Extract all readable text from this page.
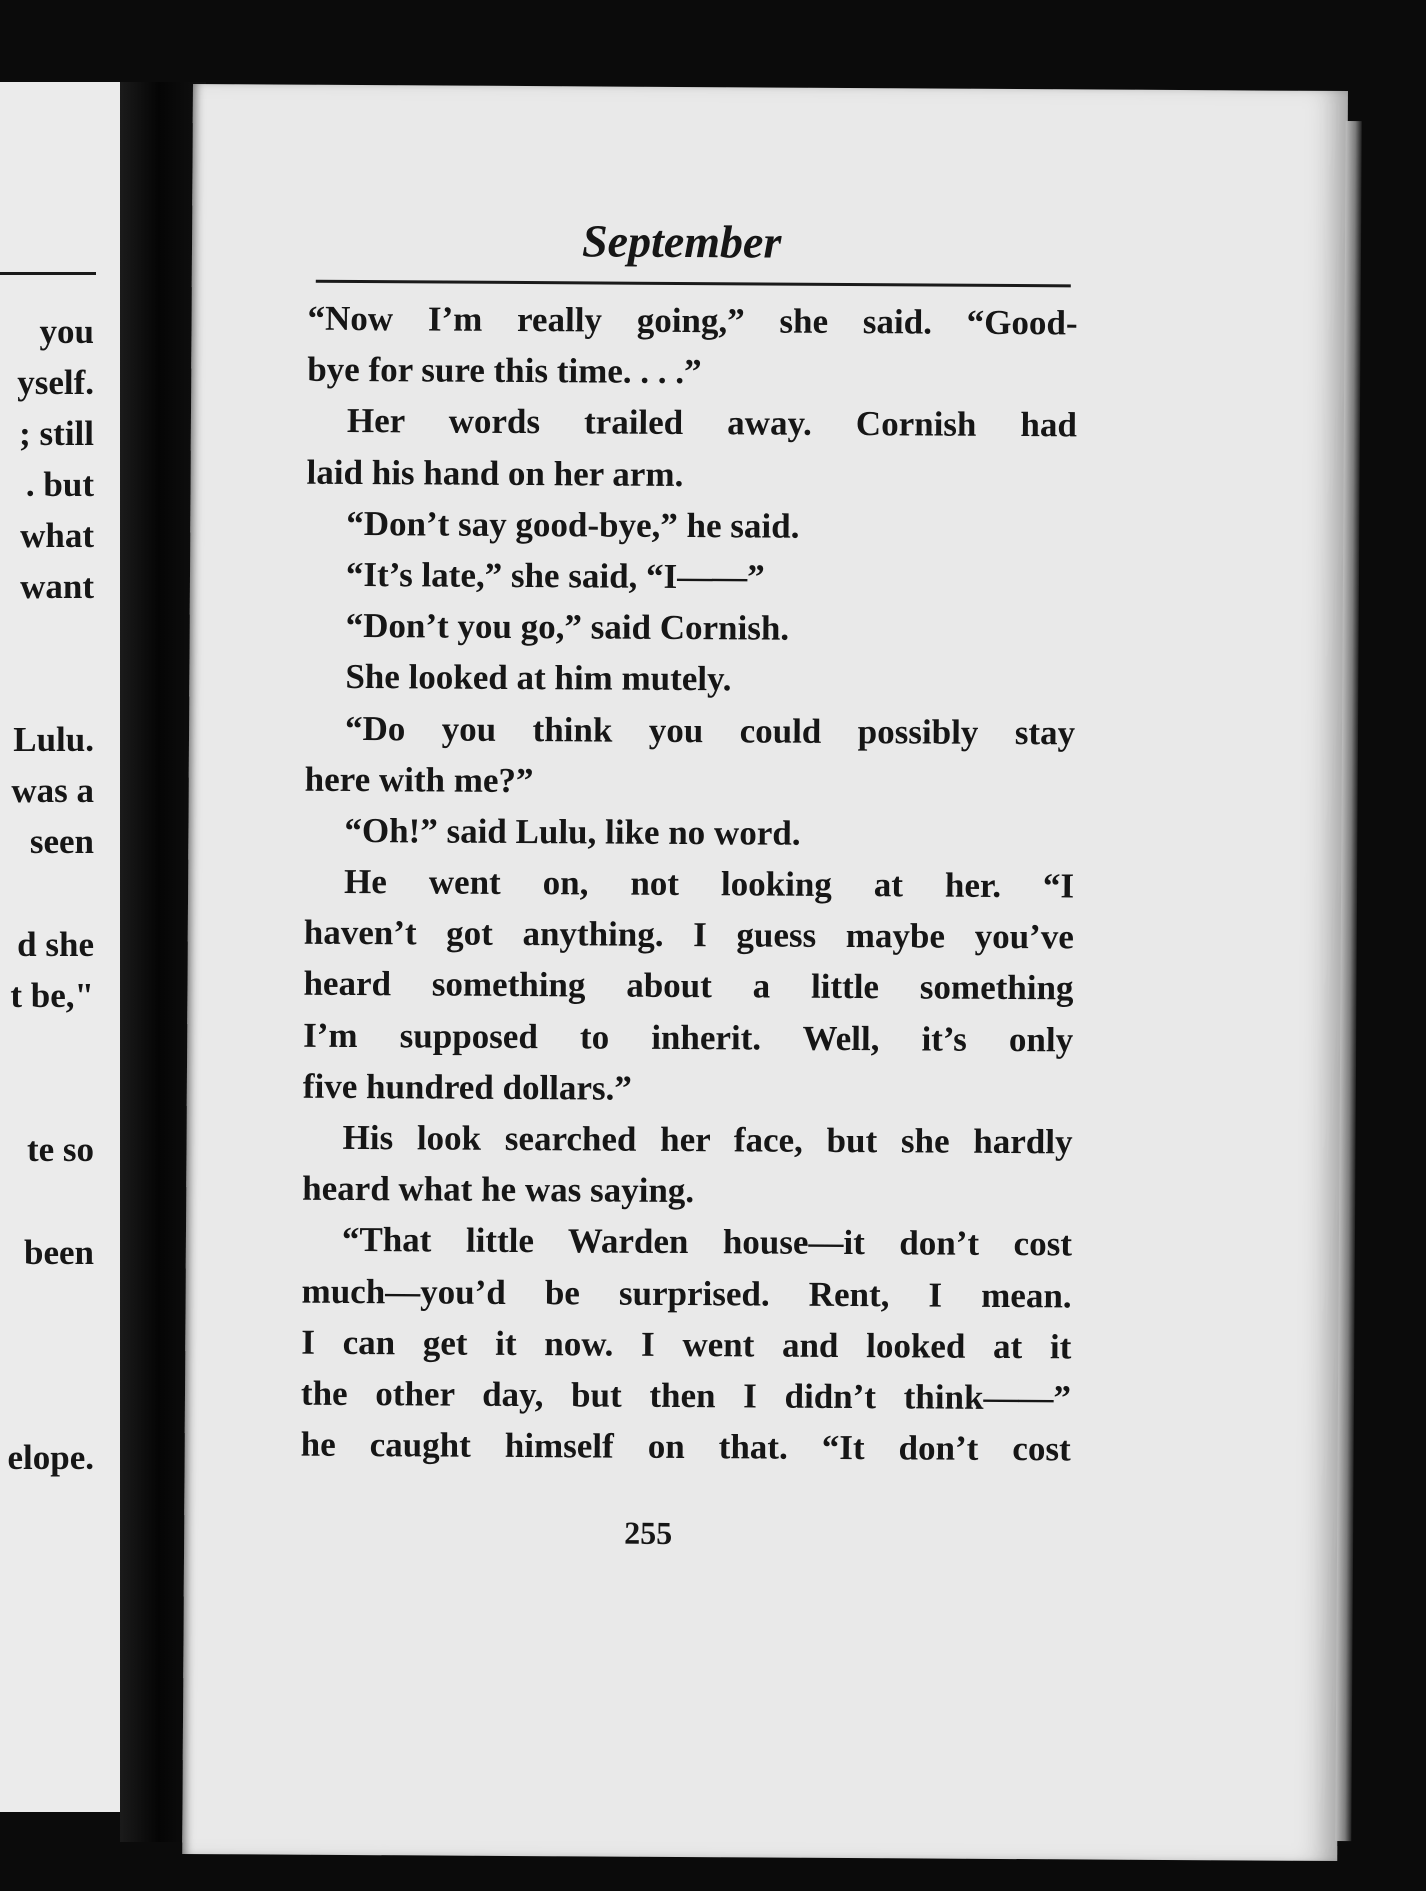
you
yself.
; still
. but
what
want
Lulu.
was a
seen
d she
t be,"
te so
been
elope.
September
“Now I’m really going,” she said. “Good-
bye for sure this time. . . .”
Her words trailed away. Cornish had
laid his hand on her arm.
“Don’t say good-bye,” he said.
“It’s late,” she said, “I——”
“Don’t you go,” said Cornish.
She looked at him mutely.
“Do you think you could possibly stay
here with me?”
“Oh!” said Lulu, like no word.
He went on, not looking at her. “I
haven’t got anything. I guess maybe you’ve
heard something about a little something
I’m supposed to inherit. Well, it’s only
five hundred dollars.”
His look searched her face, but she hardly
heard what he was saying.
“That little Warden house—it don’t cost
much—you’d be surprised. Rent, I mean.
I can get it now. I went and looked at it
the other day, but then I didn’t think——”
he caught himself on that. “It don’t cost
255
